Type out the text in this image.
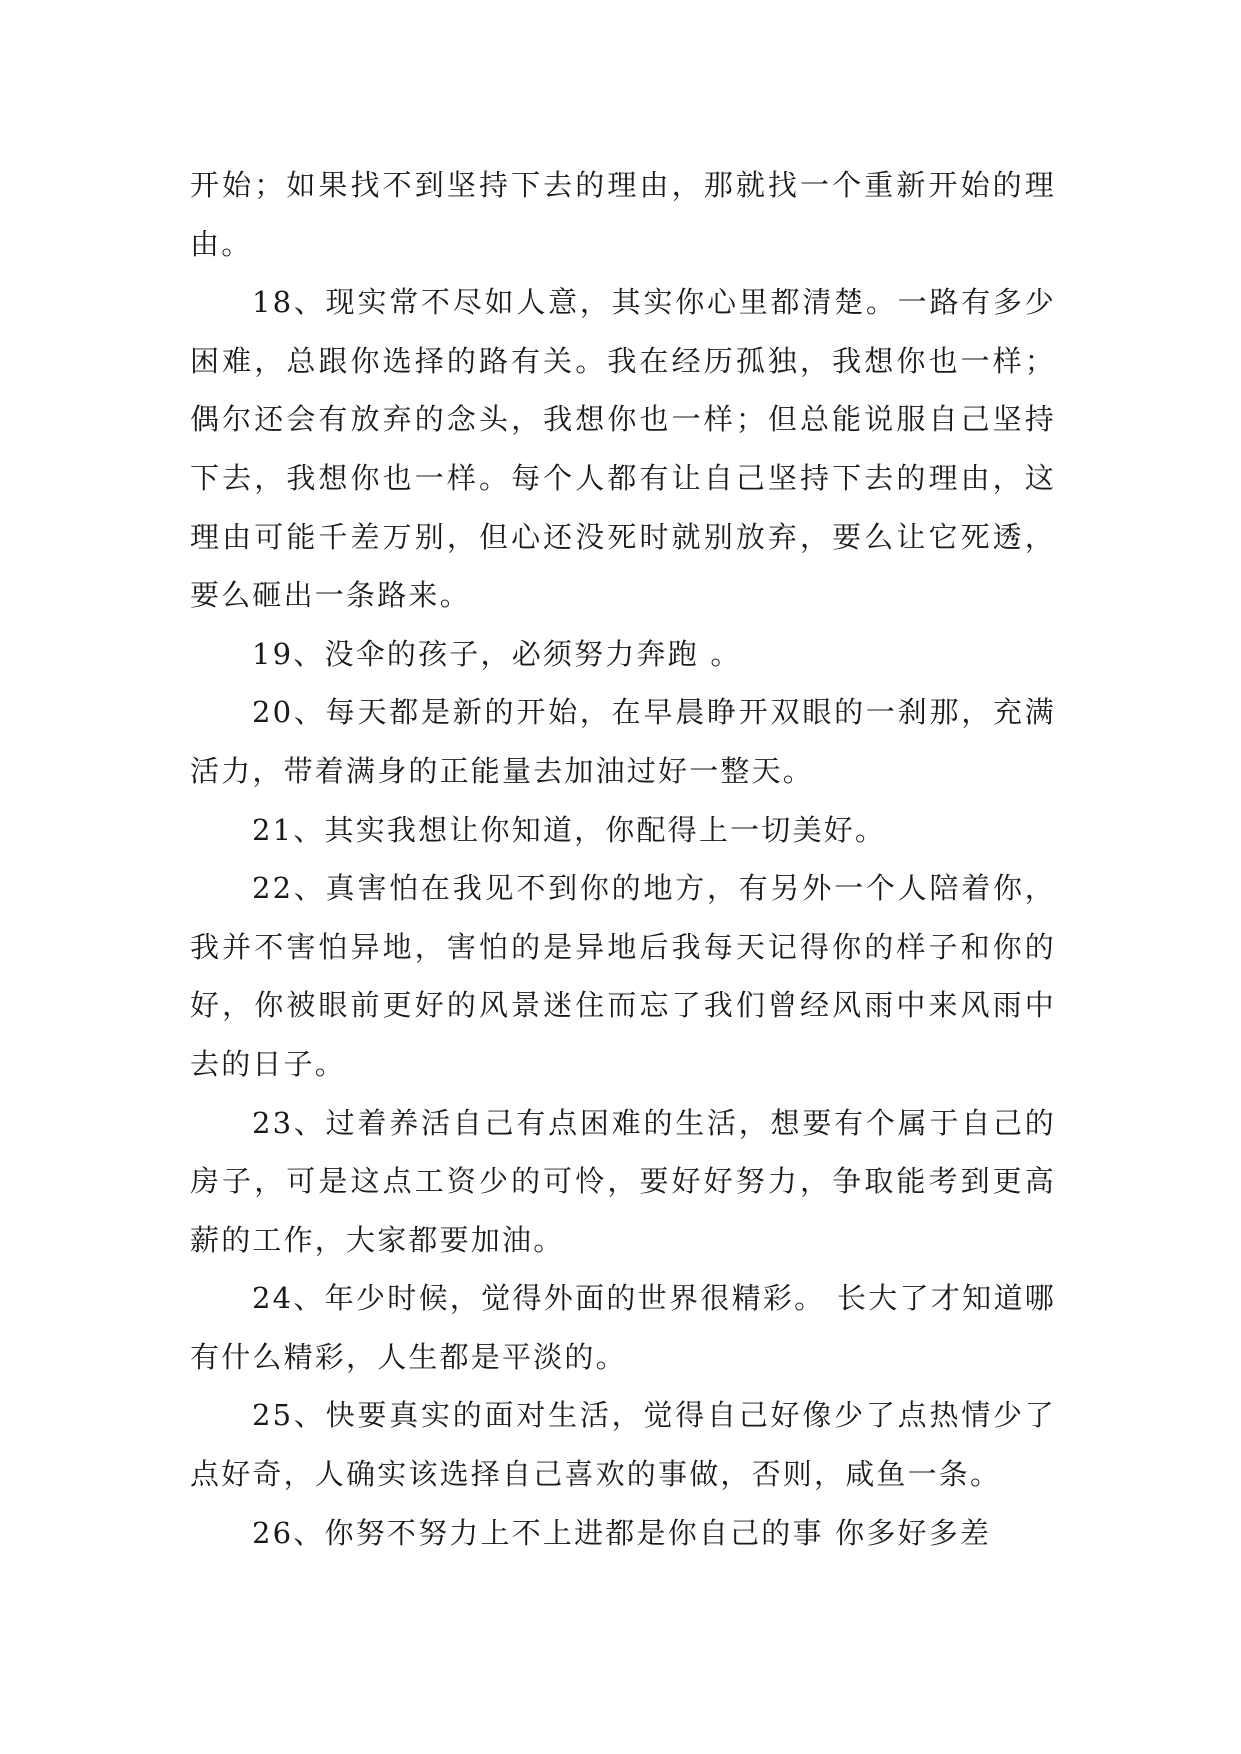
开始；如果找不到坚持下去的理由，那就找一个重新开始的理由。

18、现实常不尽如人意，其实你心里都清楚。一路有多少困难，总跟你选择的路有关。我在经历孤独，我想你也一样；偶尔还会有放弃的念头，我想你也一样；但总能说服自己坚持下去，我想你也一样。每个人都有让自己坚持下去的理由，这理由可能千差万别，但心还没死时就别放弃，要么让它死透，要么砸出一条路来。

19、没伞的孩子，必须努力奔跑 。

20、每天都是新的开始，在早晨睁开双眼的一刹那，充满活力，带着满身的正能量去加油过好一整天。

21、其实我想让你知道，你配得上一切美好。

22、真害怕在我见不到你的地方，有另外一个人陪着你，我并不害怕异地，害怕的是异地后我每天记得你的样子和你的好，你被眼前更好的风景迷住而忘了我们曾经风雨中来风雨中去的日子。

23、过着养活自己有点困难的生活，想要有个属于自己的房子，可是这点工资少的可怜，要好好努力，争取能考到更高薪的工作，大家都要加油。

24、年少时候，觉得外面的世界很精彩。 长大了才知道哪有什么精彩，人生都是平淡的。

25、快要真实的面对生活，觉得自己好像少了点热情少了点好奇，人确实该选择自己喜欢的事做，否则，咸鱼一条。

26、你努不努力上不上进都是你自己的事 你多好多差
